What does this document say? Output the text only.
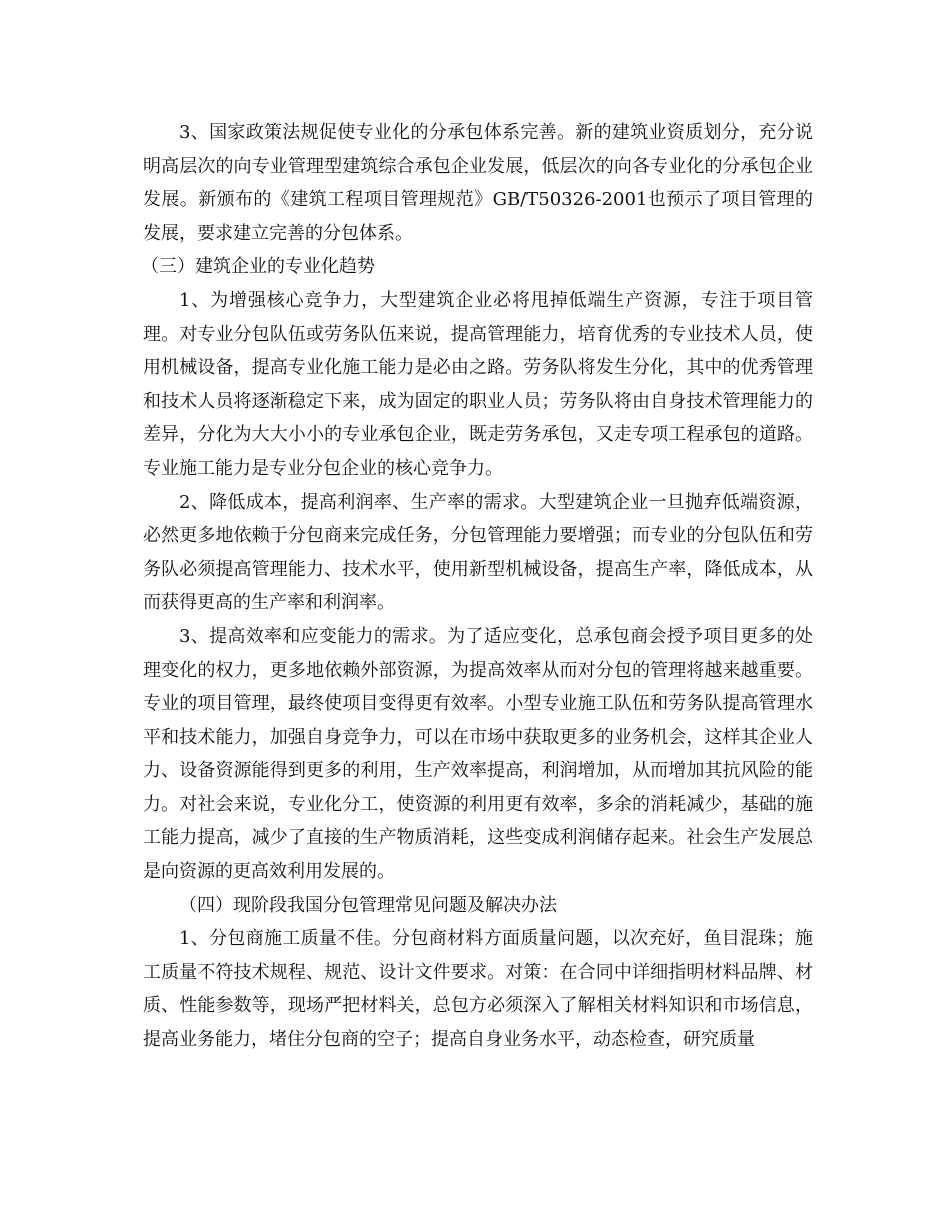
3、国家政策法规促使专业化的分承包体系完善。新的建筑业资质划分，充分说明高层次的向专业管理型建筑综合承包企业发展，低层次的向各专业化的分承包企业发展。新颁布的《建筑工程项目管理规范》GB/T50326-2001也预示了项目管理的发展，要求建立完善的分包体系。

（三）建筑企业的专业化趋势

1、为增强核心竞争力，大型建筑企业必将甩掉低端生产资源，专注于项目管理。对专业分包队伍或劳务队伍来说，提高管理能力，培育优秀的专业技术人员，使用机械设备，提高专业化施工能力是必由之路。劳务队将发生分化，其中的优秀管理和技术人员将逐渐稳定下来，成为固定的职业人员；劳务队将由自身技术管理能力的差异，分化为大大小小的专业承包企业，既走劳务承包，又走专项工程承包的道路。专业施工能力是专业分包企业的核心竞争力。

2、降低成本，提高利润率、生产率的需求。大型建筑企业一旦抛弃低端资源，必然更多地依赖于分包商来完成任务，分包管理能力要增强；而专业的分包队伍和劳务队必须提高管理能力、技术水平，使用新型机械设备，提高生产率，降低成本，从而获得更高的生产率和利润率。

3、提高效率和应变能力的需求。为了适应变化，总承包商会授予项目更多的处理变化的权力，更多地依赖外部资源，为提高效率从而对分包的管理将越来越重要。专业的项目管理，最终使项目变得更有效率。小型专业施工队伍和劳务队提高管理水平和技术能力，加强自身竞争力，可以在市场中获取更多的业务机会，这样其企业人力、设备资源能得到更多的利用，生产效率提高，利润增加，从而增加其抗风险的能力。对社会来说，专业化分工，使资源的利用更有效率，多余的消耗减少，基础的施工能力提高，减少了直接的生产物质消耗，这些变成利润储存起来。社会生产发展总是向资源的更高效利用发展的。

（四）现阶段我国分包管理常见问题及解决办法

1、分包商施工质量不佳。分包商材料方面质量问题，以次充好，鱼目混珠；施工质量不符技术规程、规范、设计文件要求。对策：在合同中详细指明材料品牌、材质、性能参数等，现场严把材料关，总包方必须深入了解相关材料知识和市场信息，提高业务能力，堵住分包商的空子；提高自身业务水平，动态检查，研究质量
